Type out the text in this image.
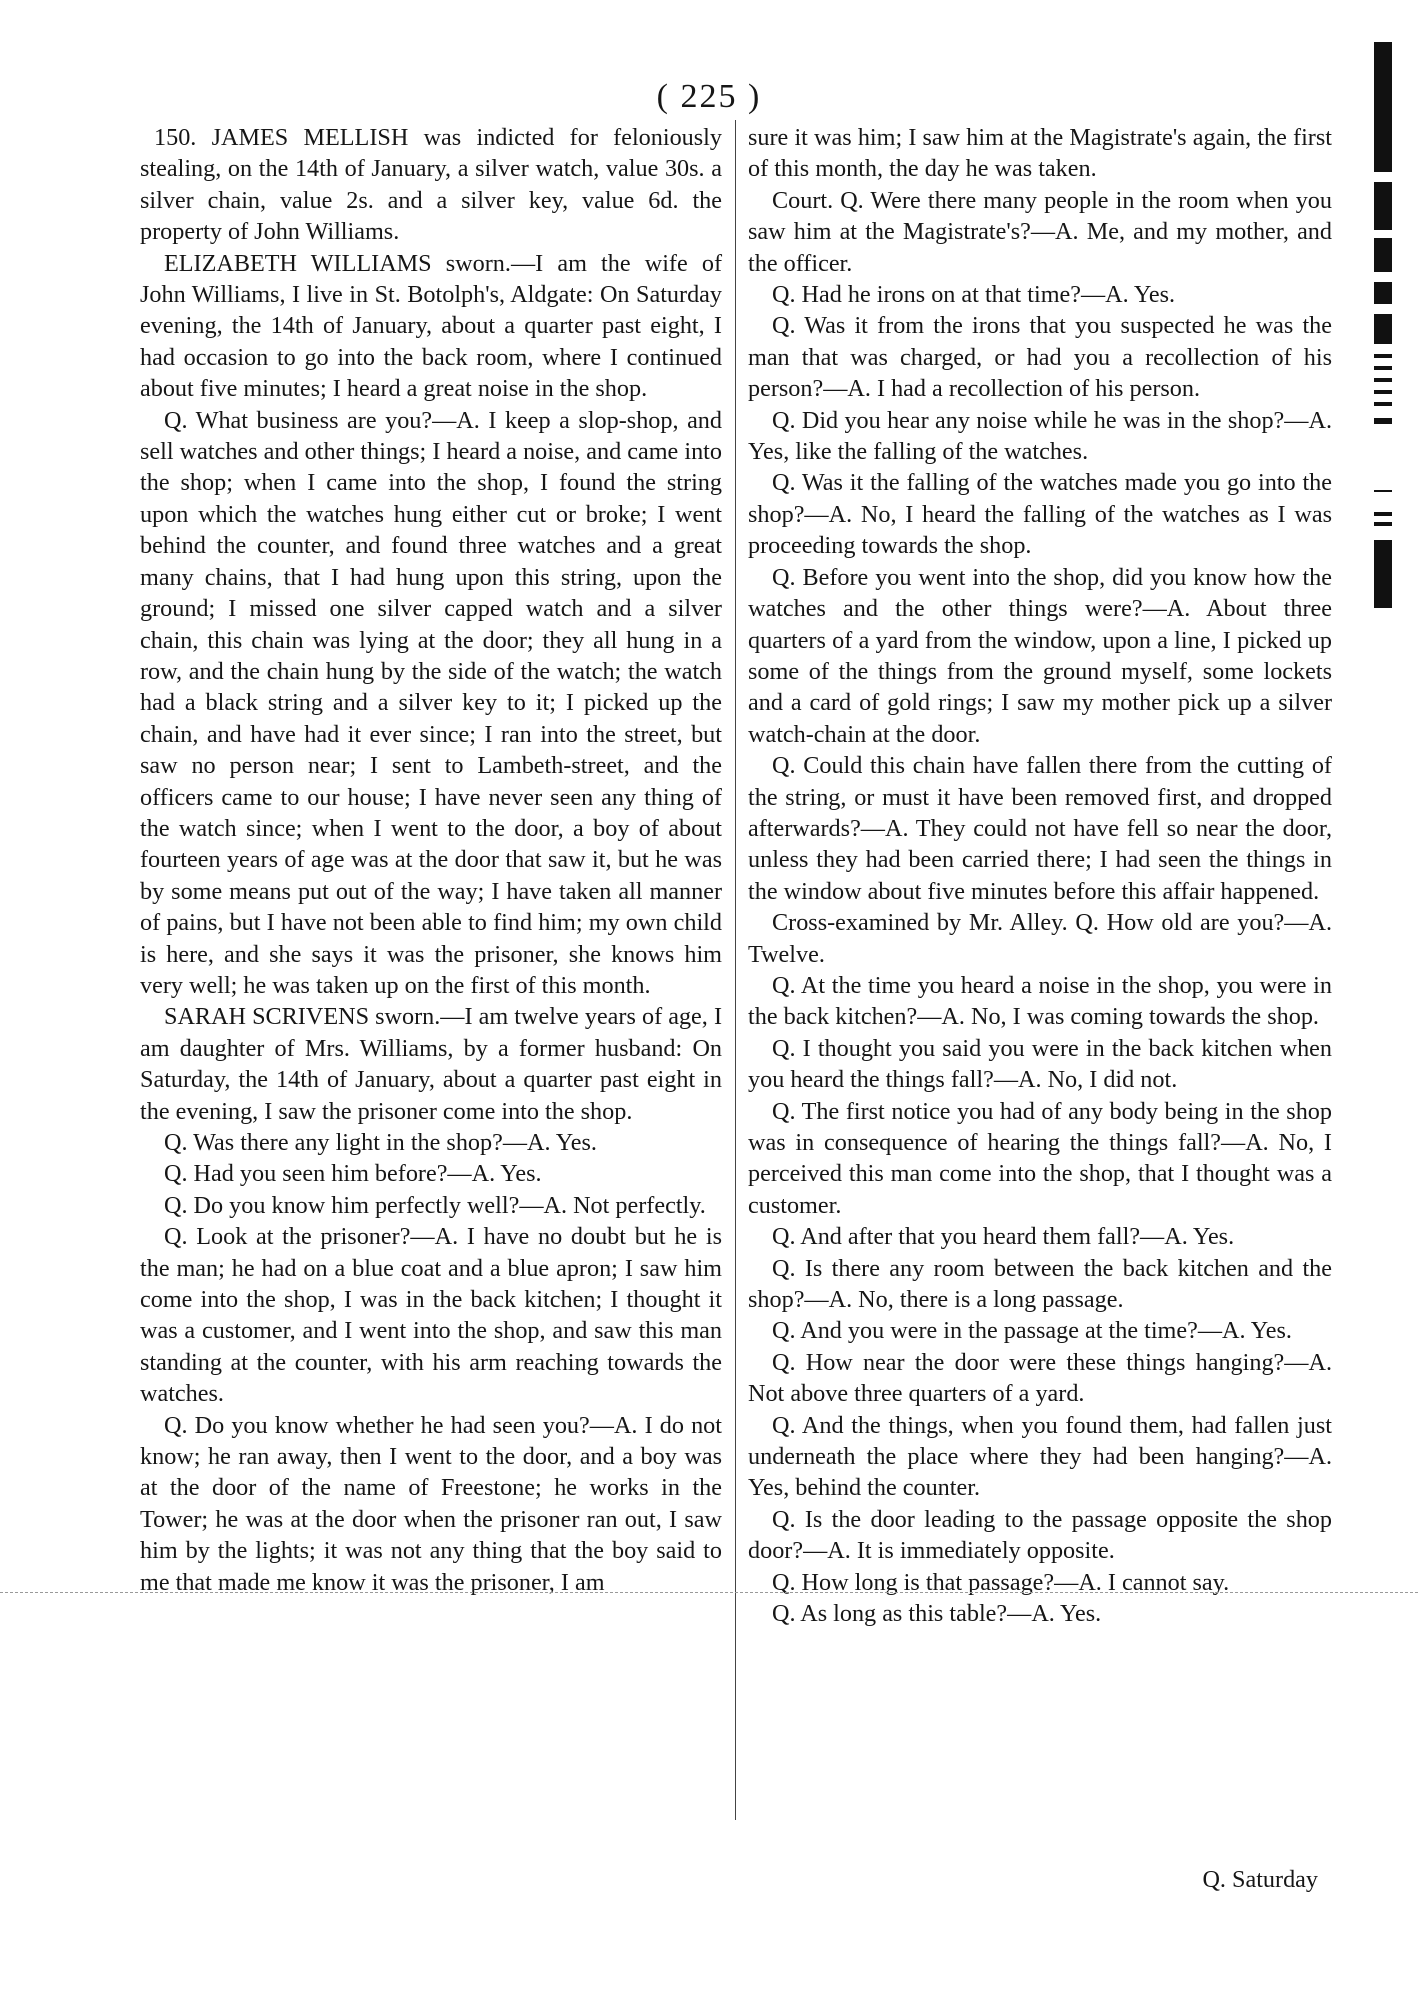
( 225 )

150. JAMES MELLISH was indicted for feloniously stealing, on the 14th of January, a silver watch, value 30s. a silver chain, value 2s. and a silver key, value 6d. the property of John Williams.

ELIZABETH WILLIAMS sworn.—I am the wife of John Williams, I live in St. Botolph's, Aldgate: On Saturday evening, the 14th of January, about a quarter past eight, I had occasion to go into the back room, where I continued about five minutes; I heard a great noise in the shop.

Q. What business are you?—A. I keep a slop-shop, and sell watches and other things; I heard a noise, and came into the shop; when I came into the shop, I found the string upon which the watches hung either cut or broke; I went behind the counter, and found three watches and a great many chains, that I had hung upon this string, upon the ground; I missed one silver capped watch and a silver chain, this chain was lying at the door; they all hung in a row, and the chain hung by the side of the watch; the watch had a black string and a silver key to it; I picked up the chain, and have had it ever since; I ran into the street, but saw no person near; I sent to Lambeth-street, and the officers came to our house; I have never seen any thing of the watch since; when I went to the door, a boy of about fourteen years of age was at the door that saw it, but he was by some means put out of the way; I have taken all manner of pains, but I have not been able to find him; my own child is here, and she says it was the prisoner, she knows him very well; he was taken up on the first of this month.

SARAH SCRIVENS sworn.—I am twelve years of age, I am daughter of Mrs. Williams, by a former husband: On Saturday, the 14th of January, about a quarter past eight in the evening, I saw the prisoner come into the shop.

Q. Was there any light in the shop?—A. Yes.

Q. Had you seen him before?—A. Yes.

Q. Do you know him perfectly well?—A. Not perfectly.

Q. Look at the prisoner?—A. I have no doubt but he is the man; he had on a blue coat and a blue apron; I saw him come into the shop, I was in the back kitchen; I thought it was a customer, and I went into the shop, and saw this man standing at the counter, with his arm reaching towards the watches.

Q. Do you know whether he had seen you?—A. I do not know; he ran away, then I went to the door, and a boy was at the door of the name of Freestone; he works in the Tower; he was at the door when the prisoner ran out, I saw him by the lights; it was not any thing that the boy said to me that made me know it was the prisoner, I am

sure it was him; I saw him at the Magistrate's again, the first of this month, the day he was taken.

Court. Q. Were there many people in the room when you saw him at the Magistrate's?—A. Me, and my mother, and the officer.

Q. Had he irons on at that time?—A. Yes.

Q. Was it from the irons that you suspected he was the man that was charged, or had you a recollection of his person?—A. I had a recollection of his person.

Q. Did you hear any noise while he was in the shop?—A. Yes, like the falling of the watches.

Q. Was it the falling of the watches made you go into the shop?—A. No, I heard the falling of the watches as I was proceeding towards the shop.

Q. Before you went into the shop, did you know how the watches and the other things were?—A. About three quarters of a yard from the window, upon a line, I picked up some of the things from the ground myself, some lockets and a card of gold rings; I saw my mother pick up a silver watch-chain at the door.

Q. Could this chain have fallen there from the cutting of the string, or must it have been removed first, and dropped afterwards?—A. They could not have fell so near the door, unless they had been carried there; I had seen the things in the window about five minutes before this affair happened.

Cross-examined by Mr. Alley. Q. How old are you?—A. Twelve.

Q. At the time you heard a noise in the shop, you were in the back kitchen?—A. No, I was coming towards the shop.

Q. I thought you said you were in the back kitchen when you heard the things fall?—A. No, I did not.

Q. The first notice you had of any body being in the shop was in consequence of hearing the things fall?—A. No, I perceived this man come into the shop, that I thought was a customer.

Q. And after that you heard them fall?—A. Yes.

Q. Is there any room between the back kitchen and the shop?—A. No, there is a long passage.

Q. And you were in the passage at the time?—A. Yes.

Q. How near the door were these things hanging?—A. Not above three quarters of a yard.

Q. And the things, when you found them, had fallen just underneath the place where they had been hanging?—A. Yes, behind the counter.

Q. Is the door leading to the passage opposite the shop door?—A. It is immediately opposite.

Q. How long is that passage?—A. I cannot say.

Q. As long as this table?—A. Yes.

Q. Saturday
